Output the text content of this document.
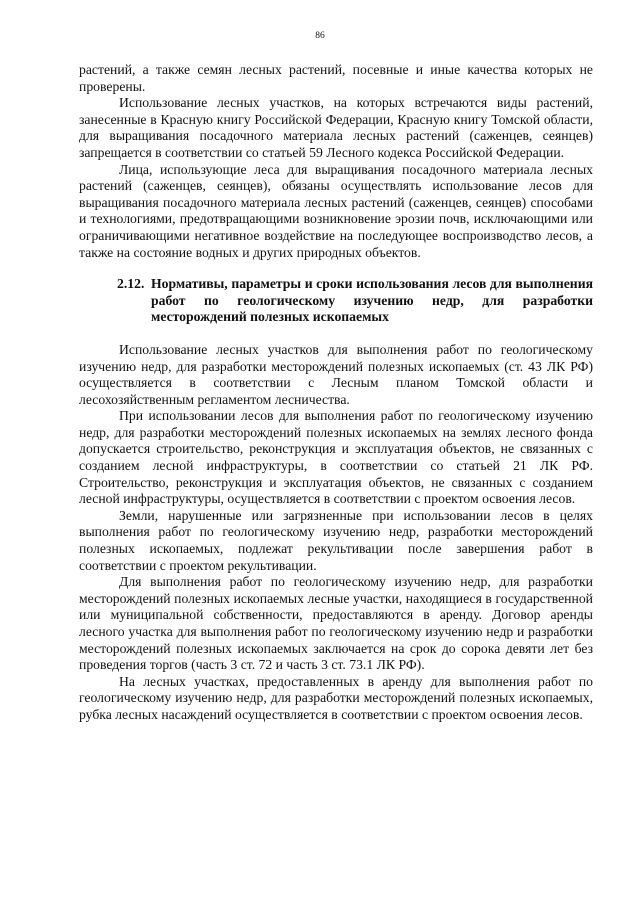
86

растений, а также семян лесных растений, посевные и иные качества которых не проверены.

Использование лесных участков, на которых встречаются виды растений, занесенные в Красную книгу Российской Федерации, Красную книгу Томской области, для выращивания посадочного материала лесных растений (саженцев, сеянцев) запрещается в соответствии со статьей 59 Лесного кодекса Российской Федерации.

Лица, использующие леса для выращивания посадочного материала лесных растений (саженцев, сеянцев), обязаны осуществлять использование лесов для выращивания посадочного материала лесных растений (саженцев, сеянцев) способами и технологиями, предотвращающими возникновение эрозии почв, исключающими или ограничивающими негативное воздействие на последующее воспроизводство лесов, а также на состояние водных и других природных объектов.

2.12. Нормативы, параметры и сроки использования лесов для выполнения работ по геологическому изучению недр, для разработки месторождений полезных ископаемых

Использование лесных участков для выполнения работ по геологическому изучению недр, для разработки месторождений полезных ископаемых (ст. 43 ЛК РФ) осуществляется в соответствии с Лесным планом Томской области и лесохозяйственным регламентом лесничества.

При использовании лесов для выполнения работ по геологическому изучению недр, для разработки месторождений полезных ископаемых на землях лесного фонда допускается строительство, реконструкция и эксплуатация объектов, не связанных с созданием лесной инфраструктуры, в соответствии со статьей 21 ЛК РФ. Строительство, реконструкция и эксплуатация объектов, не связанных с созданием лесной инфраструктуры, осуществляется в соответствии с проектом освоения лесов.

Земли, нарушенные или загрязненные при использовании лесов в целях выполнения работ по геологическому изучению недр, разработки месторождений полезных ископаемых, подлежат рекультивации после завершения работ в соответствии с проектом рекультивации.

Для выполнения работ по геологическому изучению недр, для разработки месторождений полезных ископаемых лесные участки, находящиеся в государственной или муниципальной собственности, предоставляются в аренду. Договор аренды лесного участка для выполнения работ по геологическому изучению недр и разработки месторождений полезных ископаемых заключается на срок до сорока девяти лет без проведения торгов (часть 3 ст. 72 и часть 3 ст. 73.1 ЛК РФ).

На лесных участках, предоставленных в аренду для выполнения работ по геологическому изучению недр, для разработки месторождений полезных ископаемых, рубка лесных насаждений осуществляется в соответствии с проектом освоения лесов.
